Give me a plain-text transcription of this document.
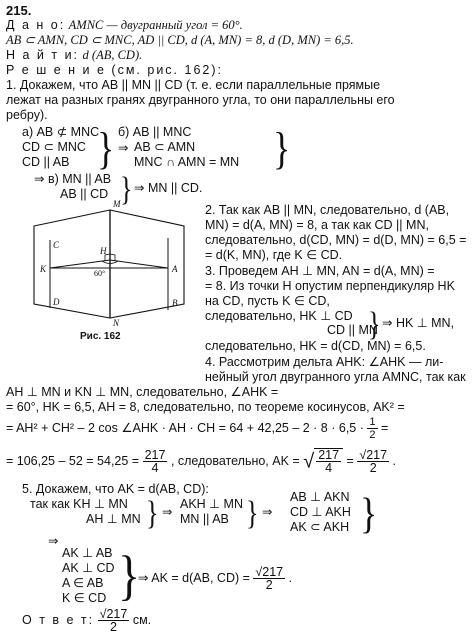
215.
Д а н о: AMNC — двугранный угол = 60°.
AB ⊂ AMN, CD ⊂ MNC, AD || CD, d (A, MN) = 8, d (D, MN) = 6,5.
Н а й т и: d (AB, CD).
Р е ш е н и е (см. рис. 162):
1. Докажем, что AB || MN || CD (т. е. если параллельные прямые
лежат на разных гранях двугранного угла, то они параллельны его
ребру).
а) AB ⊄ MNC
CD ⊂ MNC
CD || AB } б) AB || MNC
⇒ AB ⊂ AMN
MNC ∩ AMN = MN }
⇒ в) MN || AB
AB || CD } ⇒ MN || CD.
M
N
H
K
C
D
A
B
60°
Рис. 162
2. Так как AB || MN, следовательно, d (AB,
MN) = d(A, MN) = 8, а так как CD || MN,
следовательно, d(CD, MN) = d(D, MN) = 6,5 =
= d(K, MN), где K ∈ CD.
3. Проведем AH ⊥ MN, AN = d(A, MN) =
= 8. Из точки H опустим перпендикуляр HK
на CD, пусть K ∈ CD,
следовательно, HK ⊥ CD
CD || MN
} ⇒ HK ⊥ MN,
следовательно, HK = d(CD, MN) = 6,5.
4. Рассмотрим дельта AHK: ∠AHK — ли-
нейный угол двугранного угла AMNC, так как
AH ⊥ MN и KN ⊥ MN, следовательно, ∠AHK =
= 60°, HK = 6,5, AH = 8, следовательно, по теореме косинусов, AK² =
= AH² + CH² – 2 cos ∠AHK · AH · CH = $64 + 42,25 - 2 \cdot 8 \cdot 6,5 \cdot \frac{1}{2}$ =
= $106,25 - 52 = 54,25 = \frac{217}{4}$ , следовательно, AK = √ $\frac{217}{4} = \frac{√217}{2}$ .
5. Докажем, что AK = d(AB, CD):
так как KH ⊥ MN
AH ⊥ MN } ⇒ AKH ⊥ MN
MN || AB } ⇒
AB ⊥ AKN
CD ⊥ AKH
AK ⊂ AKH }
⇒
AK ⊥ AB
AK ⊥ CD
A ∈ AB
K ∈ CD }
⇒ AK = d(AB, $CD) = \frac{√217}{2}$ .
О т в е т: $\frac{√217}{2}$ см.
